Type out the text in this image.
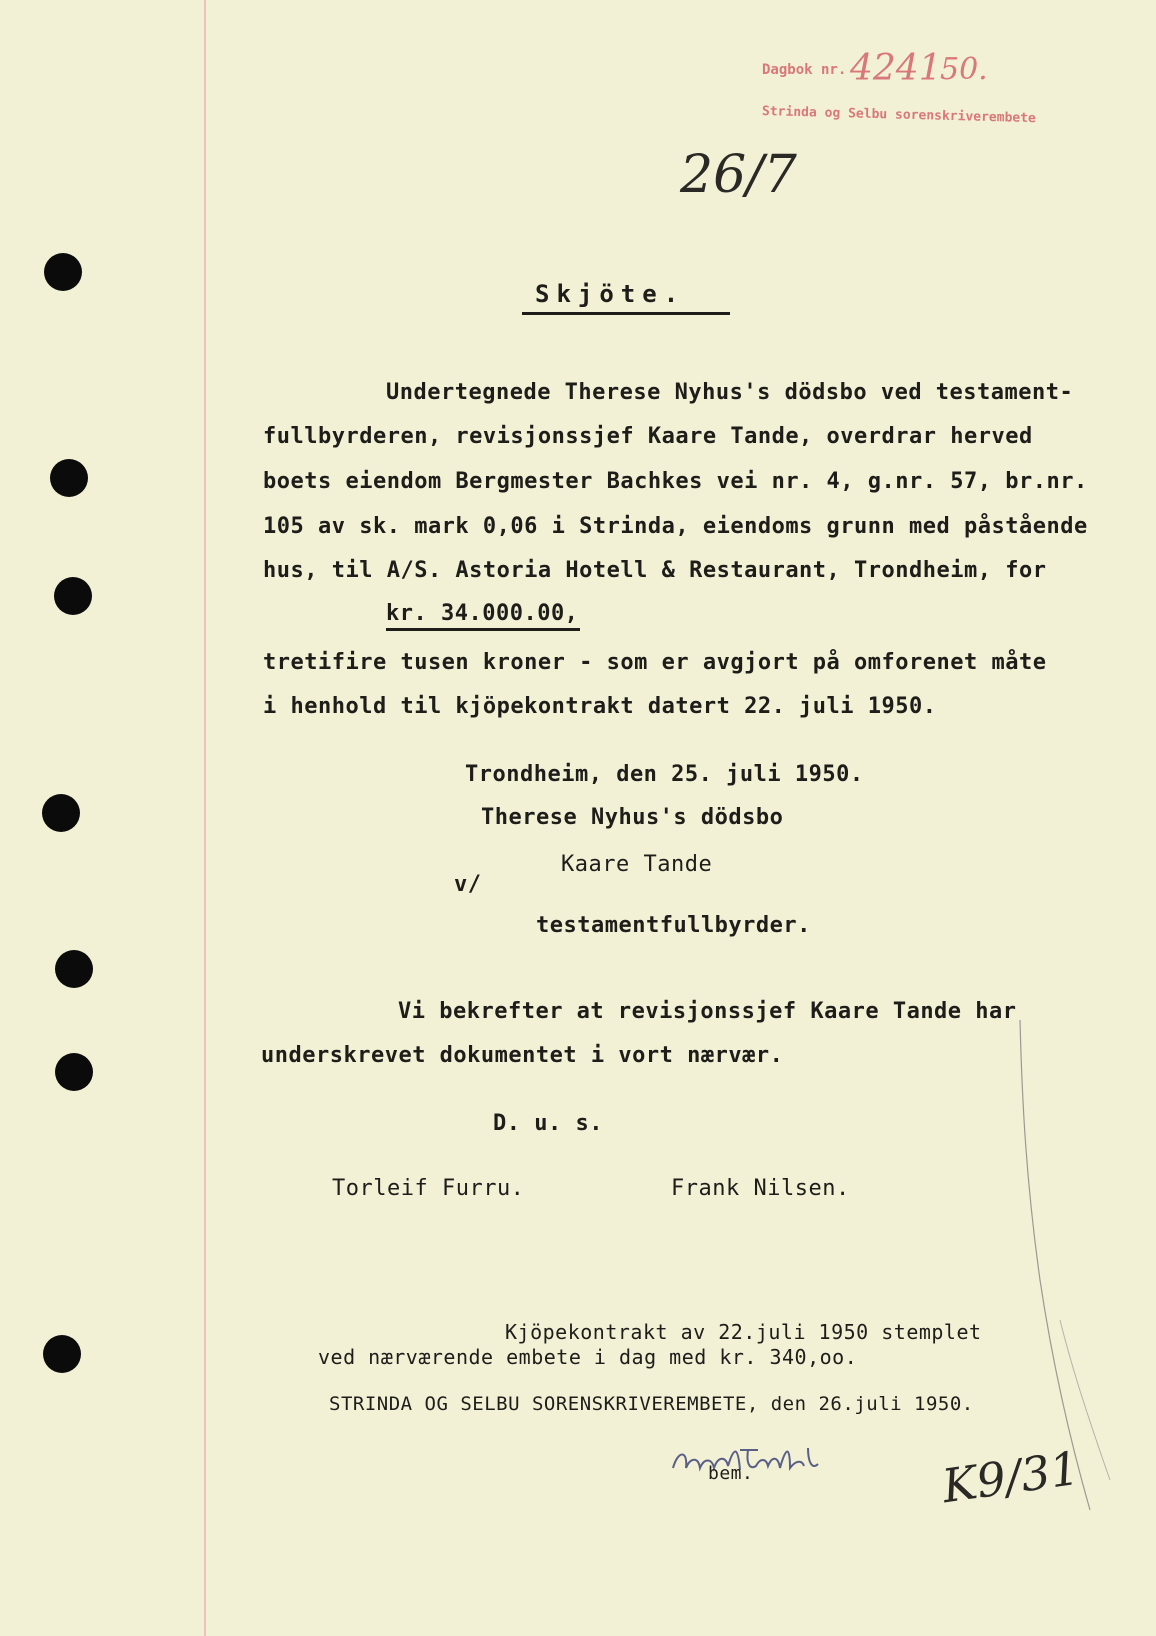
Dagbok nr. 4241
50.
Strinda og Selbu sorenskriverembete
26/7
Skjöte.
Undertegnede Therese Nyhus's dödsbo ved testament-
fullbyrderen, revisjonssjef Kaare Tande, overdrar herved
boets eiendom Bergmester Bachkes vei nr. 4, g.nr. 57, br.nr.
105 av sk. mark 0,06 i Strinda, eiendoms grunn med påstående
hus, til A/S. Astoria Hotell & Restaurant, Trondheim, for
kr. 34.000.00,
tretifire tusen kroner - som er avgjort på omforenet måte
i henhold til kjöpekontrakt datert 22. juli 1950.
Trondheim, den 25. juli 1950.
Therese Nyhus's dödsbo
Kaare Tande
v/
testamentfullbyrder.
Vi bekrefter at revisjonssjef Kaare Tande har
underskrevet dokumentet i vort nærvær.
D. u. s.
Torleif Furru.	Frank Nilsen.
Kjöpekontrakt av 22.juli 1950 stemplet
ved nærværende embete i dag med kr. 340,oo.
STRINDA OG SELBU SORENSKRIVEREMBETE, den 26.juli 1950.
bem.	K9/31
